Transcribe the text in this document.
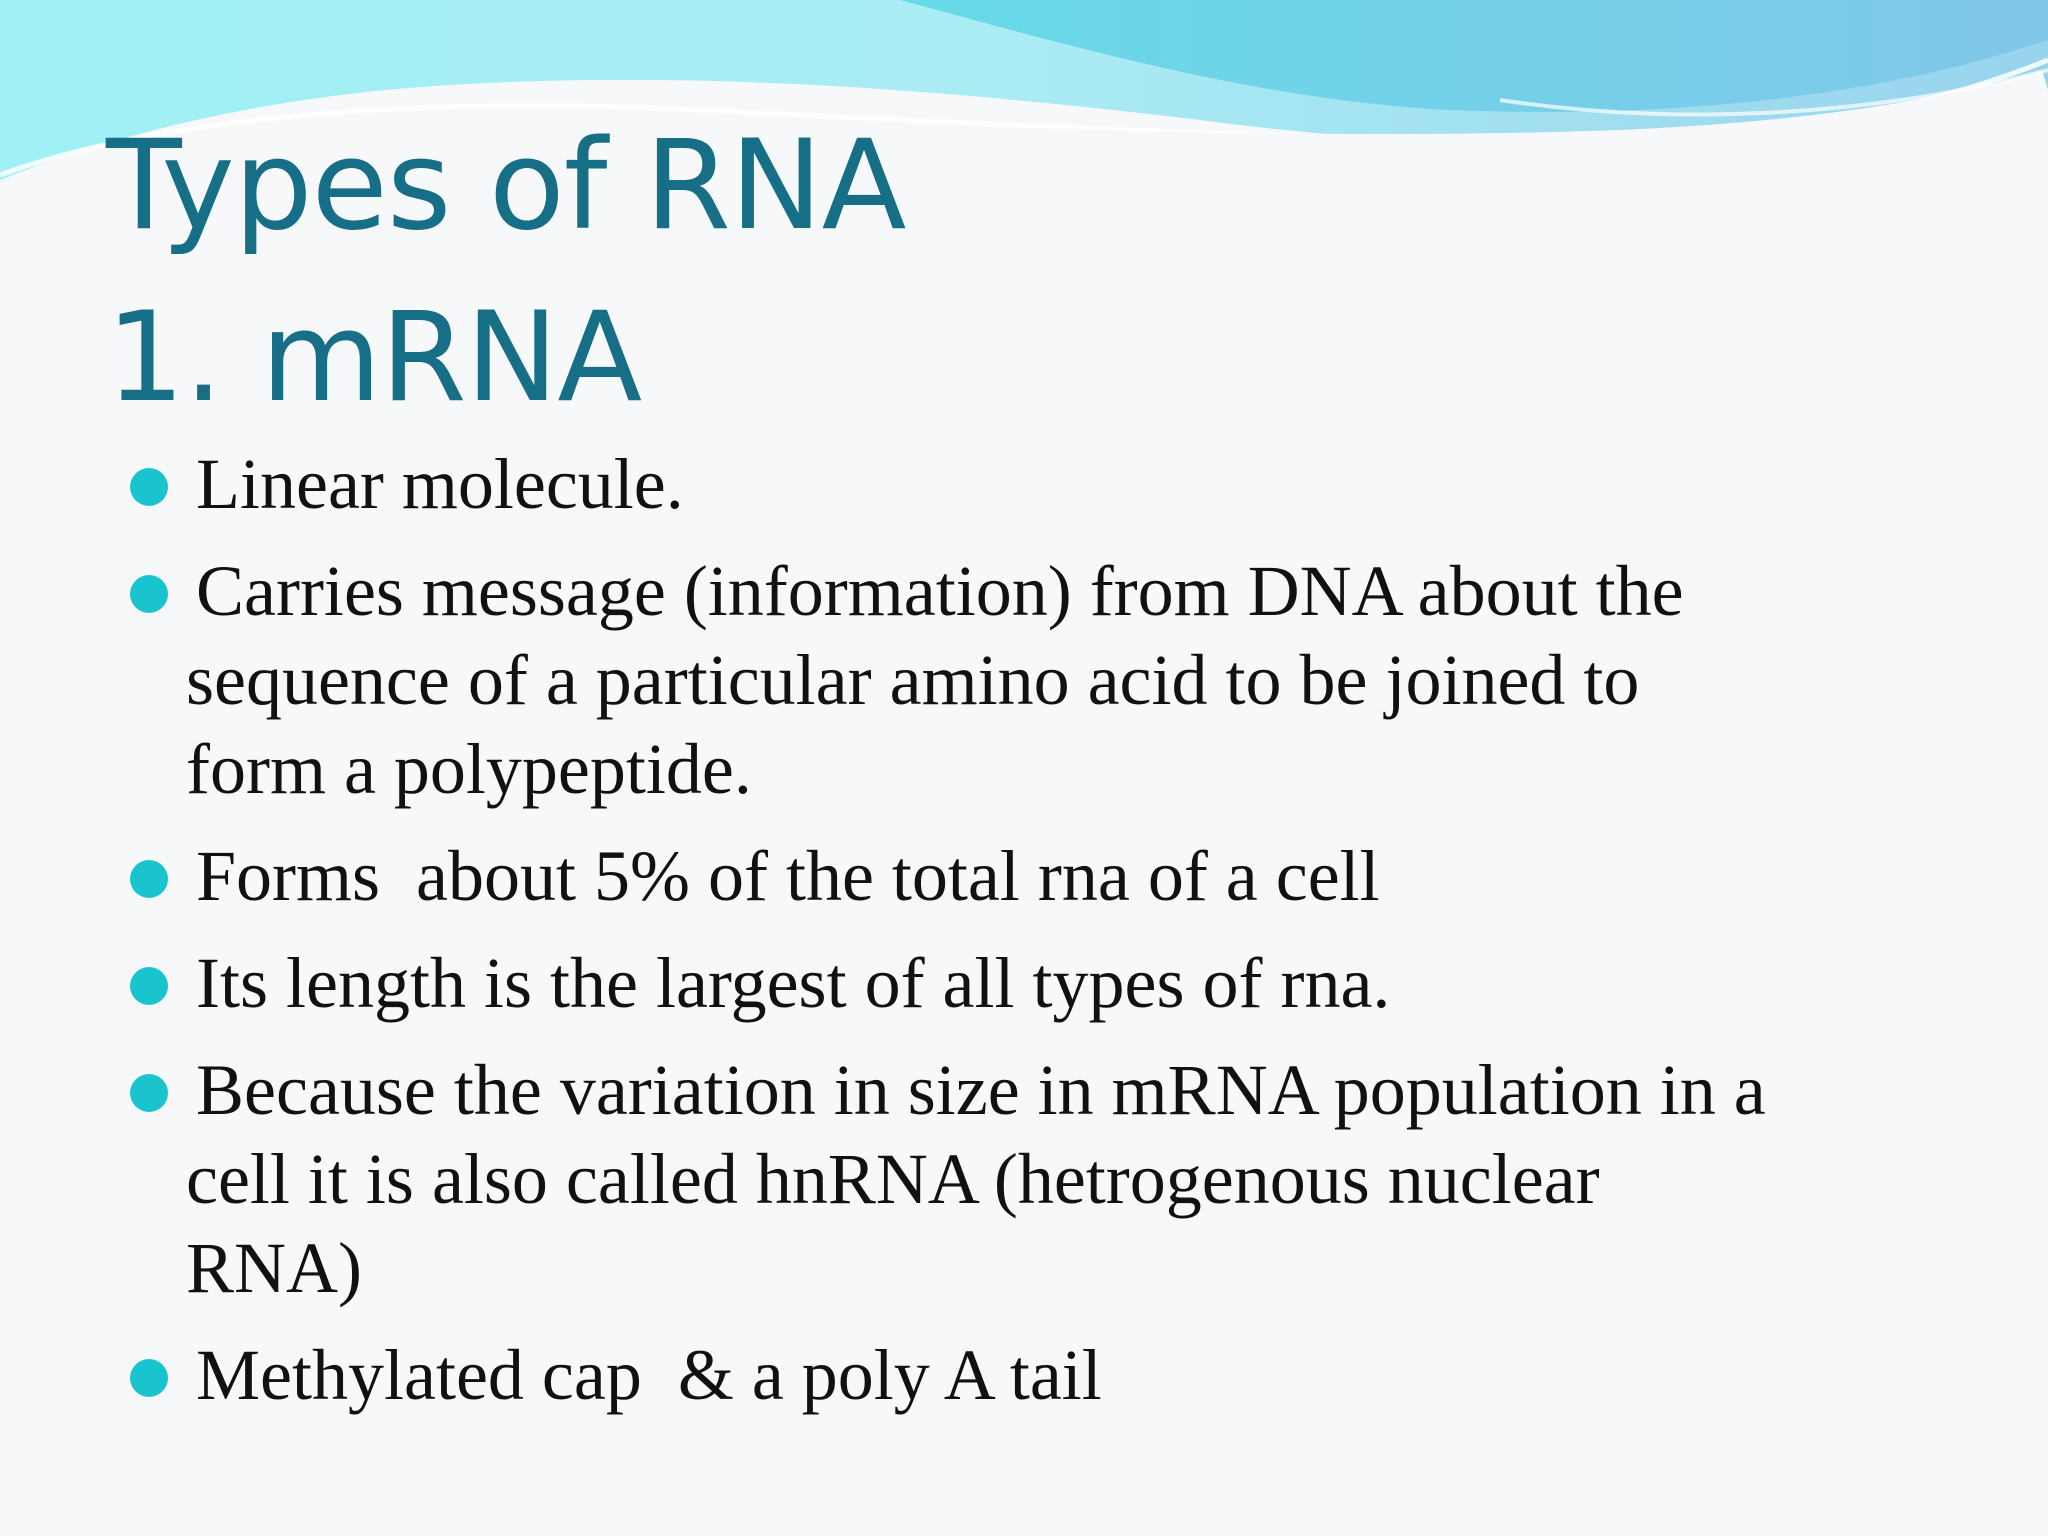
Types of RNA
1. mRNA
Linear molecule.
Carries message (information) from DNA about the
sequence of a particular amino acid to be joined to
form a polypeptide.
Forms  about 5% of the total rna of a cell
Its length is the largest of all types of rna.
Because the variation in size in mRNA population in a
cell it is also called hnRNA (hetrogenous nuclear
RNA)
Methylated cap  & a poly A tail
